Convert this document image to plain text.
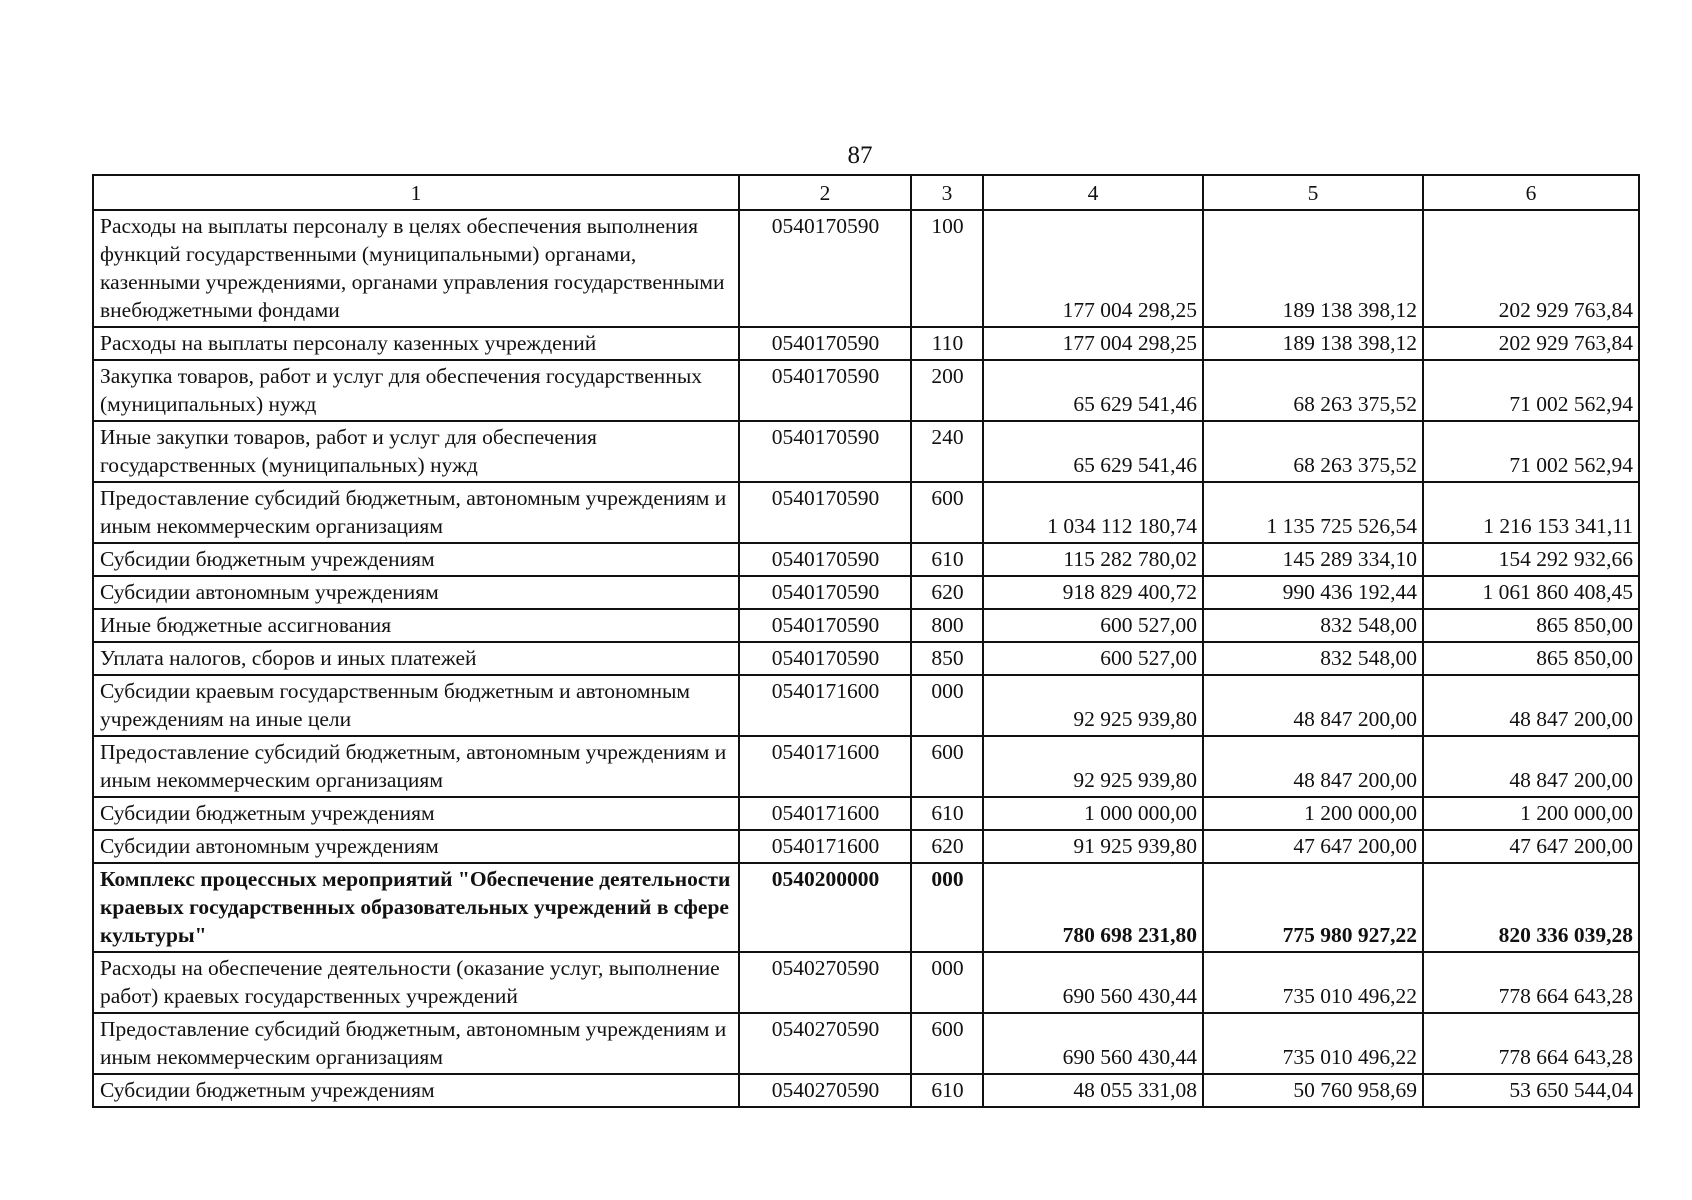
87
1	2	3	4	5	6
Расходы на выплаты персоналу в целях обеспечения выполнения функций государственными (муниципальными) органами, казенными учреждениями, органами управления государственными внебюджетными фондами	0540170590	100	177 004 298,25	189 138 398,12	202 929 763,84
Расходы на выплаты персоналу казенных учреждений	0540170590	110	177 004 298,25	189 138 398,12	202 929 763,84
Закупка товаров, работ и услуг для обеспечения государственных (муниципальных) нужд	0540170590	200	65 629 541,46	68 263 375,52	71 002 562,94
Иные закупки товаров, работ и услуг для обеспечения государственных (муниципальных) нужд	0540170590	240	65 629 541,46	68 263 375,52	71 002 562,94
Предоставление субсидий бюджетным, автономным учреждениям и иным некоммерческим организациям	0540170590	600	1 034 112 180,74	1 135 725 526,54	1 216 153 341,11
Субсидии бюджетным учреждениям	0540170590	610	115 282 780,02	145 289 334,10	154 292 932,66
Субсидии автономным учреждениям	0540170590	620	918 829 400,72	990 436 192,44	1 061 860 408,45
Иные бюджетные ассигнования	0540170590	800	600 527,00	832 548,00	865 850,00
Уплата налогов, сборов и иных платежей	0540170590	850	600 527,00	832 548,00	865 850,00
Субсидии краевым государственным бюджетным и автономным учреждениям на иные цели	0540171600	000	92 925 939,80	48 847 200,00	48 847 200,00
Предоставление субсидий бюджетным, автономным учреждениям и иным некоммерческим организациям	0540171600	600	92 925 939,80	48 847 200,00	48 847 200,00
Субсидии бюджетным учреждениям	0540171600	610	1 000 000,00	1 200 000,00	1 200 000,00
Субсидии автономным учреждениям	0540171600	620	91 925 939,80	47 647 200,00	47 647 200,00
Комплекс процессных мероприятий "Обеспечение деятельности краевых государственных образовательных учреждений в сфере культуры"	0540200000	000	780 698 231,80	775 980 927,22	820 336 039,28
Расходы на обеспечение деятельности (оказание услуг, выполнение работ) краевых государственных учреждений	0540270590	000	690 560 430,44	735 010 496,22	778 664 643,28
Предоставление субсидий бюджетным, автономным учреждениям и иным некоммерческим организациям	0540270590	600	690 560 430,44	735 010 496,22	778 664 643,28
Субсидии бюджетным учреждениям	0540270590	610	48 055 331,08	50 760 958,69	53 650 544,04
